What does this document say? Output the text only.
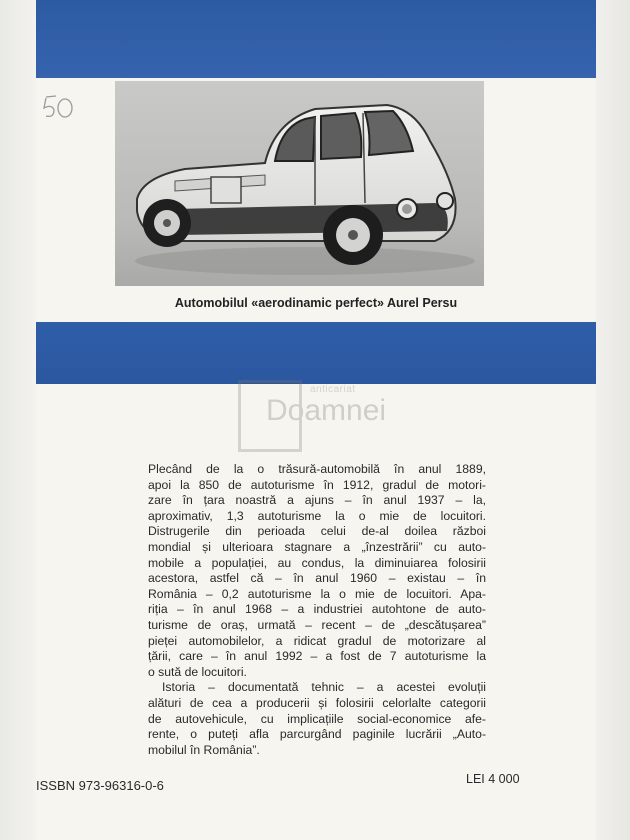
Automobilul «aerodinamic perfect» Aurel Persu
anticariat
Doamnei
Plecând de la o trăsură-automobilă în anul 1889,
apoi la 850 de autoturisme în 1912, gradul de motori-
zare în țara noastră a ajuns – în anul 1937 – la,
aproximativ, 1,3 autoturisme la o mie de locuitori.
Distrugerile din perioada celui de-al doilea război
mondial și ulterioara stagnare a „înzestrării” cu auto-
mobile a populației, au condus, la diminuiarea folosirii
acestora, astfel că – în anul 1960 – existau – în
România – 0,2 autoturisme la o mie de locuitori. Apa-
riția – în anul 1968 – a industriei autohtone de auto-
turisme de oraș, urmată – recent – de „descătușarea”
pieței automobilelor, a ridicat gradul de motorizare al
țării, care – în anul 1992 – a fost de 7 autoturisme la
o sută de locuitori.
Istoria – documentată tehnic – a acestei evoluții
alături de cea a producerii și folosirii celorlalte categorii
de autovehicule, cu implicațiile social-economice afe-
rente, o puteți afla parcurgând paginile lucrării „Auto-
mobilul în România”.
ISSBN 973-96316-0-6	LEI 4 000
